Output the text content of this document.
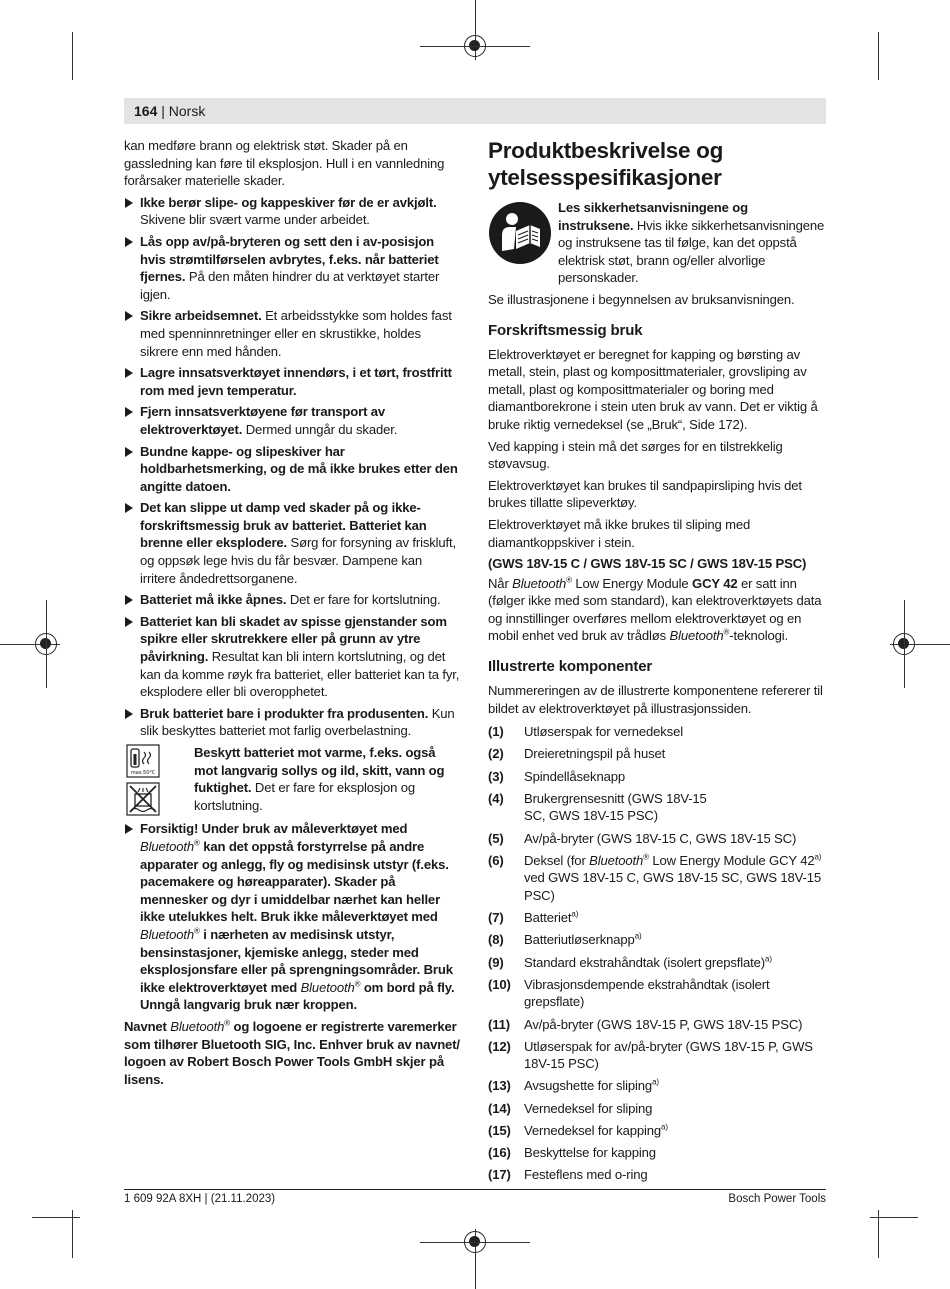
164 | Norsk

kan medføre brann og elektrisk støt. Skader på en gassledning kan føre til eksplosjon. Hull i en vannledning forårsaker materielle skader.

Ikke berør slipe- og kappeskiver før de er avkjølt. Skivene blir svært varme under arbeidet.
Lås opp av/på-bryteren og sett den i av-posisjon hvis strømtilførselen avbrytes, f.eks. når batteriet fjernes. På den måten hindrer du at verktøyet starter igjen.
Sikre arbeidsemnet. Et arbeidsstykke som holdes fast med spenninnretninger eller en skrustikke, holdes sikrere enn med hånden.
Lagre innsatsverktøyet innendørs, i et tørt, frostfritt rom med jevn temperatur.
Fjern innsatsverktøyene før transport av elektroverktøyet. Dermed unngår du skader.
Bundne kappe- og slipeskiver har holdbarhetsmerking, og de må ikke brukes etter den angitte datoen.
Det kan slippe ut damp ved skader på og ikke-forskriftsmessig bruk av batteriet. Batteriet kan brenne eller eksplodere. Sørg for forsyning av friskluft, og oppsøk lege hvis du får besvær. Dampene kan irritere åndedrettsorganene.
Batteriet må ikke åpnes. Det er fare for kortslutning.
Batteriet kan bli skadet av spisse gjenstander som spikre eller skrutrekkere eller på grunn av ytre påvirkning. Resultat kan bli intern kortslutning, og det kan da komme røyk fra batteriet, eller batteriet kan ta fyr, eksplodere eller bli overopphetet.
Bruk batteriet bare i produkter fra produsenten. Kun slik beskyttes batteriet mot farlig overbelastning.
max.50°C
Beskytt batteriet mot varme, f.eks. også mot langvarig sollys og ild, skitt, vann og fuktighet. Det er fare for eksplosjon og kortslutning.
Forsiktig! Under bruk av måleverktøyet med Bluetooth® kan det oppstå forstyrrelse på andre apparater og anlegg, fly og medisinsk utstyr (f.eks. pacemakere og høreapparater). Skader på mennesker og dyr i umiddelbar nærhet kan heller ikke utelukkes helt. Bruk ikke måleverktøyet med Bluetooth® i nærheten av medisinsk utstyr, bensinstasjoner, kjemiske anlegg, steder med eksplosjonsfare eller på sprengningsområder. Bruk ikke elektroverktøyet med Bluetooth® om bord på fly. Unngå langvarig bruk nær kroppen.

Navnet Bluetooth® og logoene er registrerte varemerker som tilhører Bluetooth SIG, Inc. Enhver bruk av navnet/ logoen av Robert Bosch Power Tools GmbH skjer på lisens.

Produktbeskrivelse og ytelsesspesifikasjoner
Les sikkerhetsanvisningene og instruksene. Hvis ikke sikkerhetsanvisningene og instruksene tas til følge, kan det oppstå elektrisk støt, brann og/eller alvorlige personskader.

Se illustrasjonene i begynnelsen av bruksanvisningen.

Forskriftsmessig bruk

Elektroverktøyet er beregnet for kapping og børsting av metall, stein, plast og komposittmaterialer, grovsliping av metall, plast og komposittmaterialer og boring med diamantborekrone i stein uten bruk av vann. Det er viktig å bruke riktig vernedeksel (se „Bruk“, Side 172).

Ved kapping i stein må det sørges for en tilstrekkelig støvavsug.

Elektroverktøyet kan brukes til sandpapirsliping hvis det brukes tillatte slipeverktøy.

Elektroverktøyet må ikke brukes til sliping med diamantkoppskiver i stein.

(GWS 18V-15 C / GWS 18V-15 SC / GWS 18V-15 PSC)

Når Bluetooth® Low Energy Module GCY 42 er satt inn (følger ikke med som standard), kan elektroverktøyets data og innstillinger overføres mellom elektroverktøyet og en mobil enhet ved bruk av trådløs Bluetooth®-teknologi.

Illustrerte komponenter

Nummereringen av de illustrerte komponentene refererer til bildet av elektroverktøyet på illustrasjonssiden.

(1)	Utløserspak for vernedeksel
(2)	Dreieretningspil på huset
(3)	Spindellåseknapp
(4)	Brukergrensesnitt (GWS 18V-15 SC, GWS 18V-15 PSC)
(5)	Av/på-bryter (GWS 18V-15 C, GWS 18V-15 SC)
(6)	Deksel (for Bluetooth® Low Energy Module GCY 42$^{a)}$ ved GWS 18V-15 C, GWS 18V-15 SC, GWS 18V-15 PSC)
(7)	Batteriet$^{a)}$
(8)	Batteriutløserknapp$^{a)}$
(9)	Standard ekstrahåndtak (isolert grepsflate)$^{a)}$
(10)	Vibrasjonsdempende ekstrahåndtak (isolert grepsflate)
(11)	Av/på-bryter (GWS 18V-15 P, GWS 18V-15 PSC)
(12)	Utløserspak for av/på-bryter (GWS 18V-15 P, GWS 18V-15 PSC)
(13)	Avsugshette for sliping$^{a)}$
(14)	Vernedeksel for sliping
(15)	Vernedeksel for kapping$^{a)}$
(16)	Beskyttelse for kapping
(17)	Festeflens med o-ring
1 609 92A 8XH | (21.11.2023)	Bosch Power Tools
